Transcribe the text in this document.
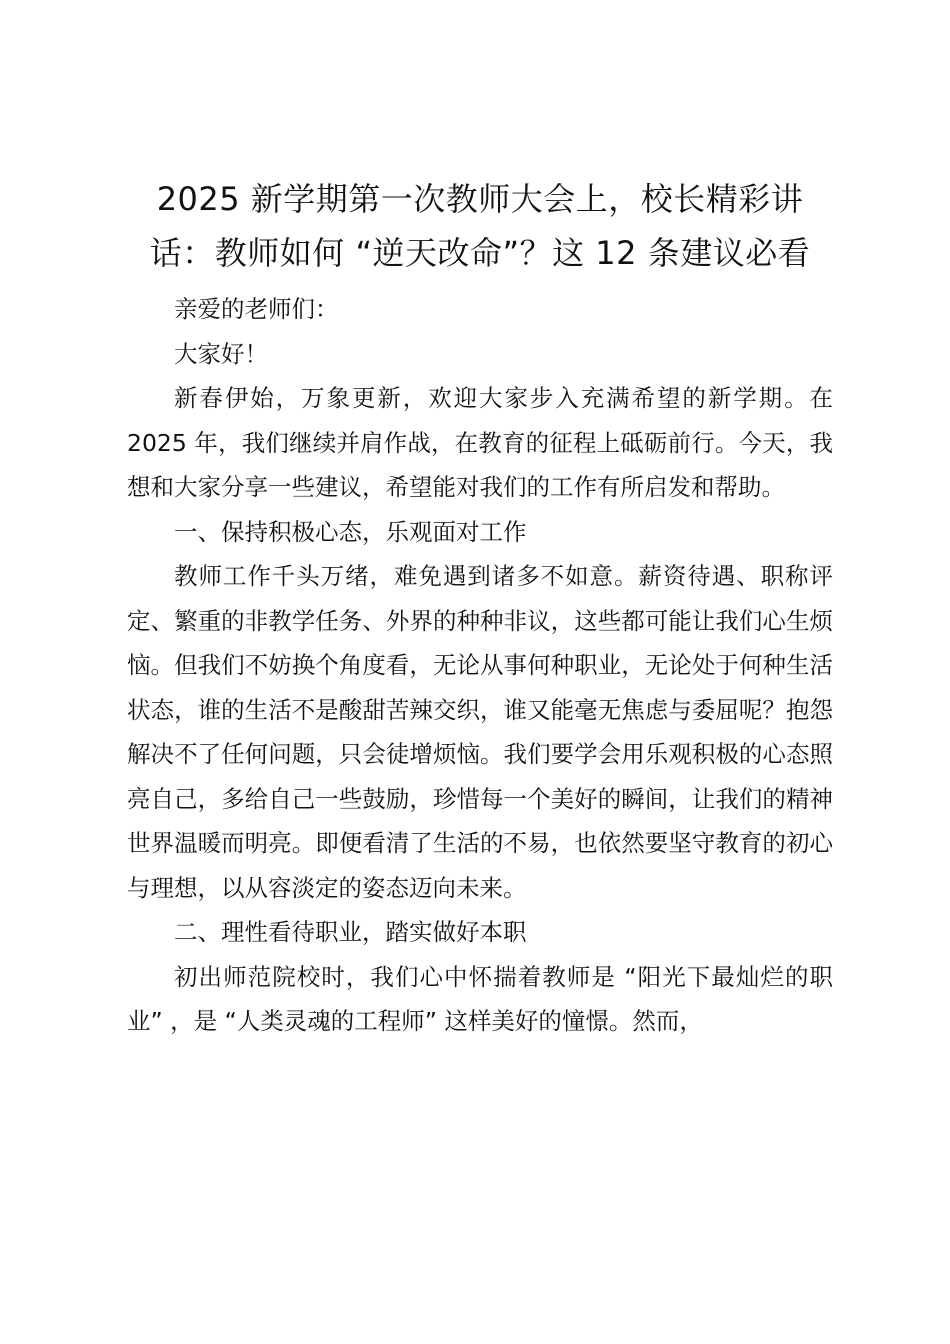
2025 新学期第一次教师大会上，校长精彩讲话：教师如何 “逆天改命”？这 12 条建议必看

亲爱的老师们：

大家好！

新春伊始，万象更新，欢迎大家步入充满希望的新学期。在 2025 年，我们继续并肩作战，在教育的征程上砥砺前行。今天，我想和大家分享一些建议，希望能对我们的工作有所启发和帮助。

一、保持积极心态，乐观面对工作

教师工作千头万绪，难免遇到诸多不如意。薪资待遇、职称评定、繁重的非教学任务、外界的种种非议，这些都可能让我们心生烦恼。但我们不妨换个角度看，无论从事何种职业，无论处于何种生活状态，谁的生活不是酸甜苦辣交织，谁又能毫无焦虑与委屈呢？抱怨解决不了任何问题，只会徒增烦恼。我们要学会用乐观积极的心态照亮自己，多给自己一些鼓励，珍惜每一个美好的瞬间，让我们的精神世界温暖而明亮。即便看清了生活的不易，也依然要坚守教育的初心与理想，以从容淡定的姿态迈向未来。

二、理性看待职业，踏实做好本职

初出师范院校时，我们心中怀揣着教师是 “阳光下最灿烂的职业” ，是 “人类灵魂的工程师” 这样美好的憧憬。然而，
